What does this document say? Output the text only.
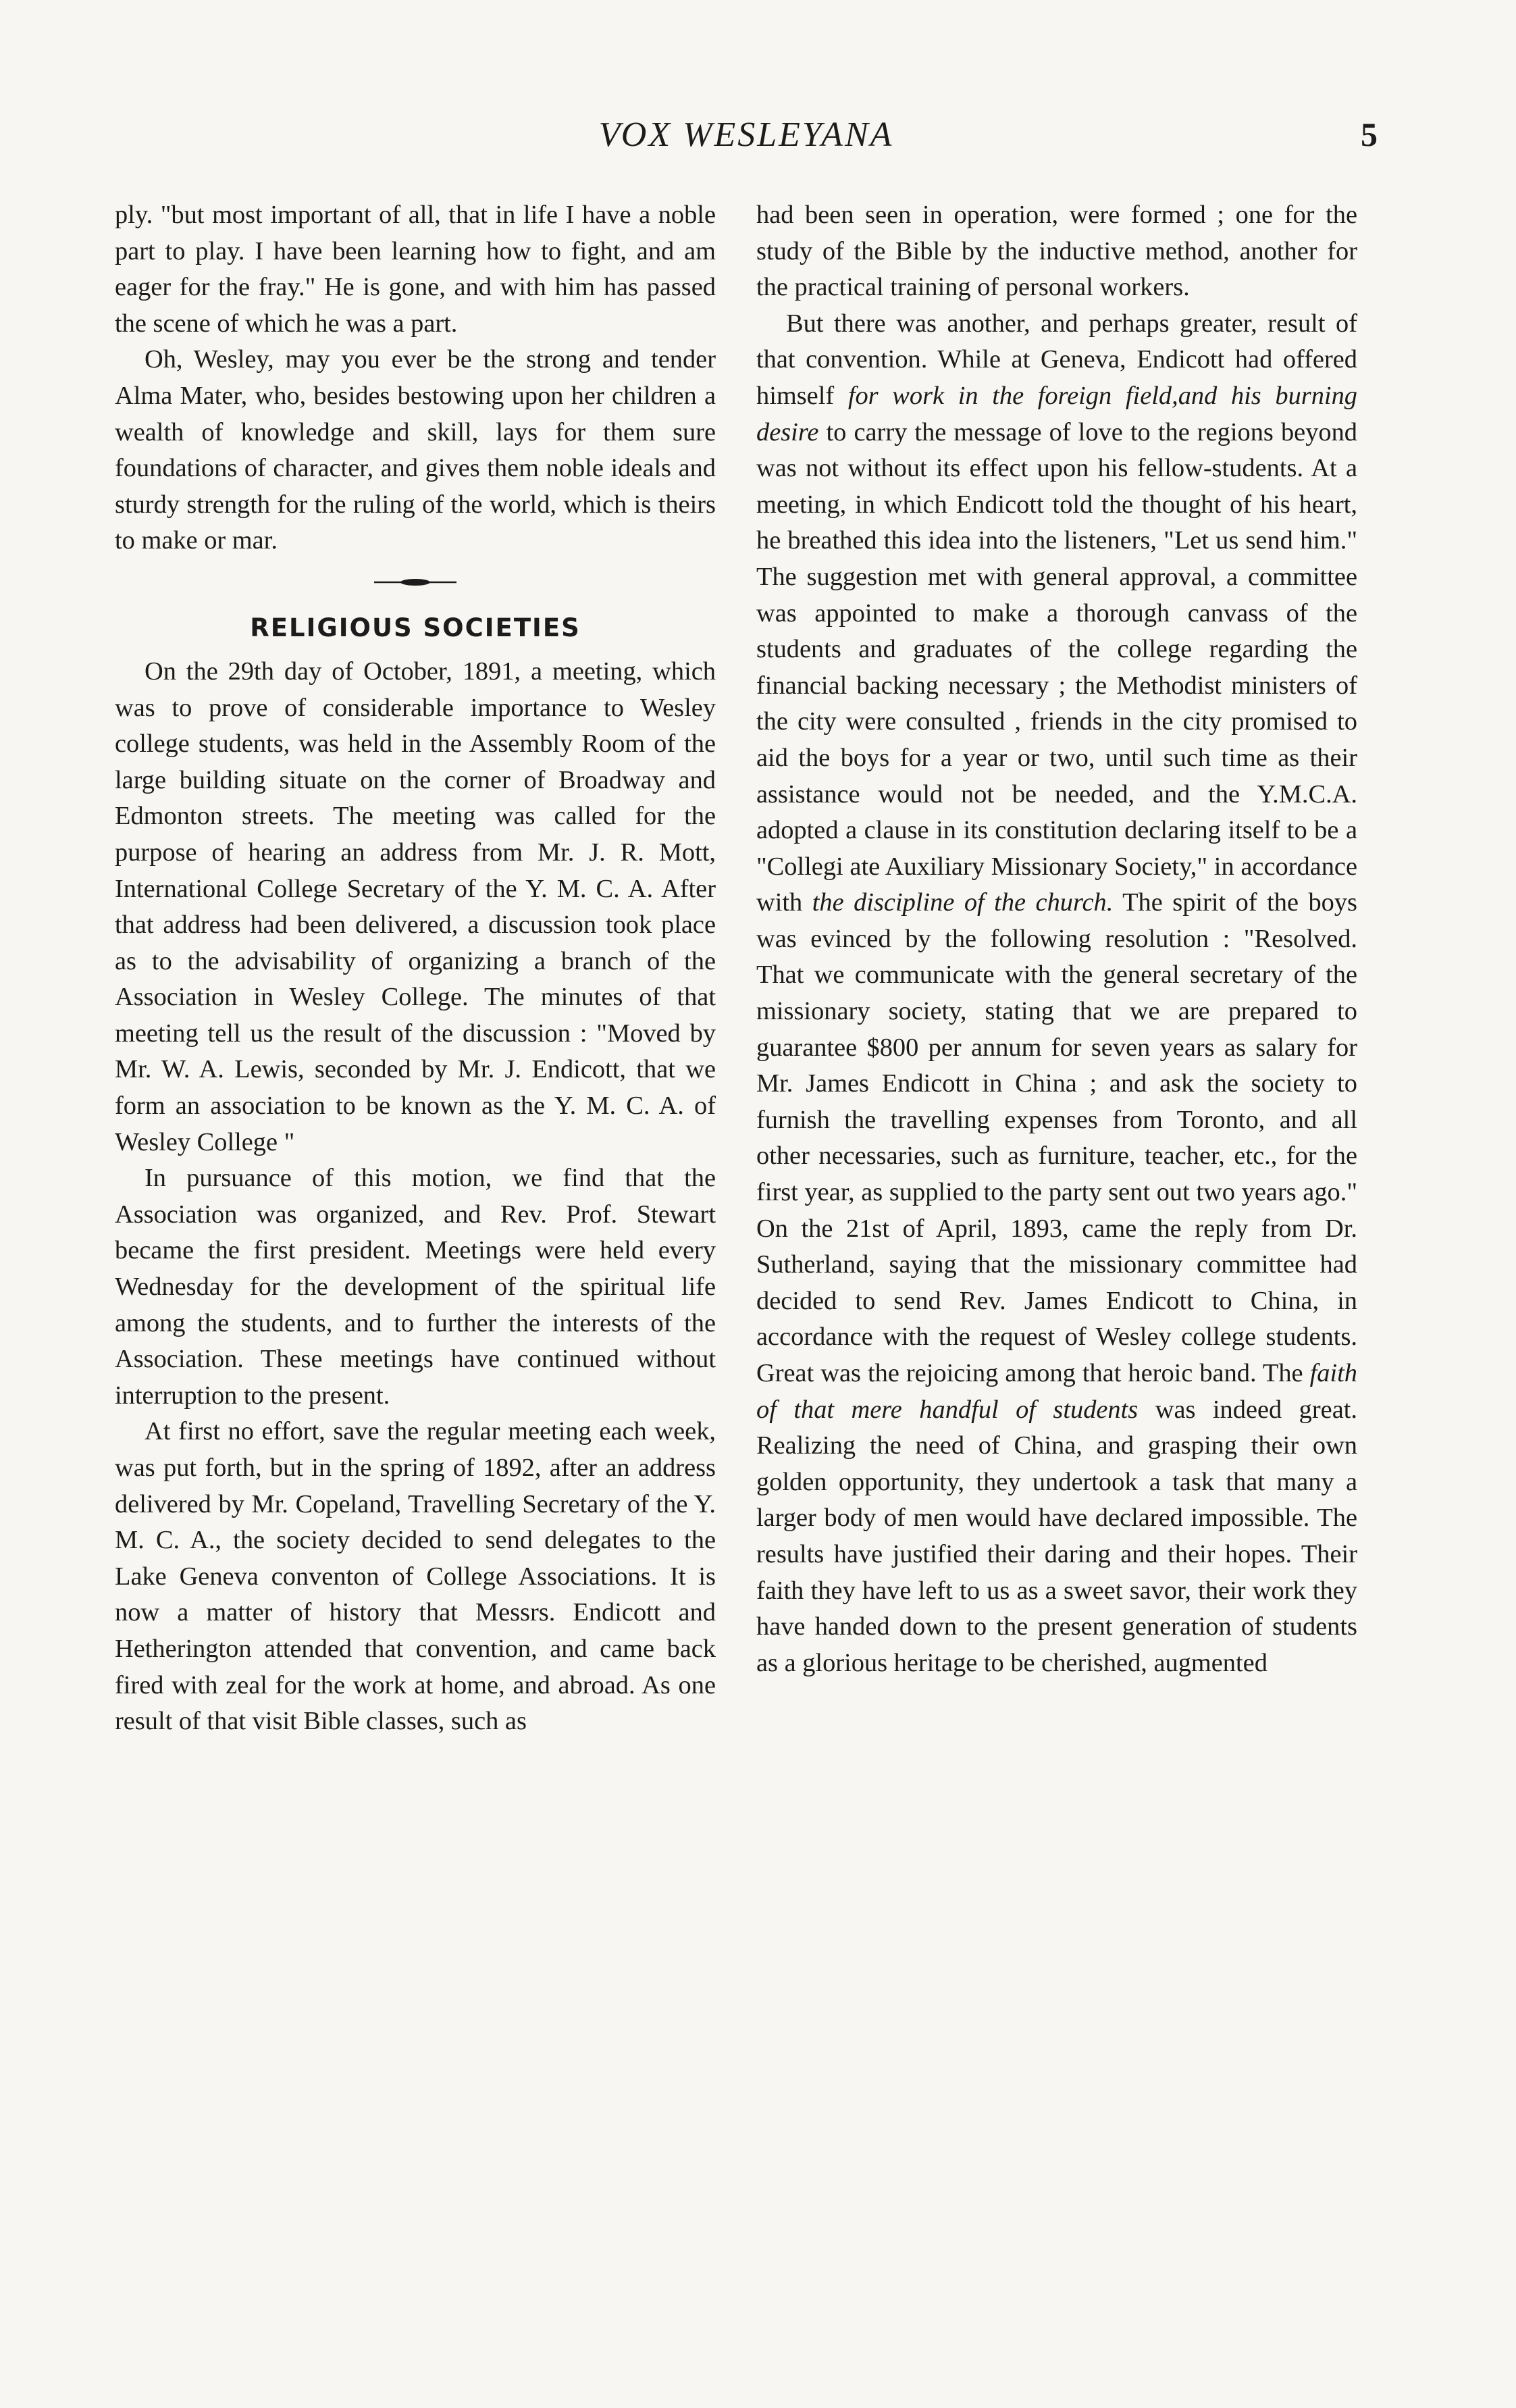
VOX WESLEYANA	5

ply. "but most important of all, that in life I have a noble part to play. I have been learning how to fight, and am eager for the fray." He is gone, and with him has passed the scene of which he was a part.

Oh, Wesley, may you ever be the strong and tender Alma Mater, who, besides bestowing upon her children a wealth of knowledge and skill, lays for them sure foundations of character, and gives them noble ideals and sturdy strength for the ruling of the world, which is theirs to make or mar.

RELIGIOUS SOCIETIES

On the 29th day of October, 1891, a meeting, which was to prove of considerable importance to Wesley college students, was held in the Assembly Room of the large building situate on the corner of Broadway and Edmonton streets. The meeting was called for the purpose of hearing an address from Mr. J. R. Mott, International College Secretary of the Y. M. C. A. After that address had been delivered, a discussion took place as to the advisability of organizing a branch of the Association in Wesley College. The minutes of that meeting tell us the result of the discussion : "Moved by Mr. W. A. Lewis, seconded by Mr. J. Endicott, that we form an association to be known as the Y. M. C. A. of Wesley College "

In pursuance of this motion, we find that the Association was organized, and Rev. Prof. Stewart became the first president. Meetings were held every Wednesday for the development of the spiritual life among the students, and to further the interests of the Association. These meetings have continued without interruption to the present.

At first no effort, save the regular meeting each week, was put forth, but in the spring of 1892, after an address delivered by Mr. Copeland, Travelling Secretary of the Y. M. C. A., the society decided to send delegates to the Lake Geneva conventon of College Associations. It is now a matter of history that Messrs. Endicott and Hetherington attended that convention, and came back fired with zeal for the work at home, and abroad. As one result of that visit Bible classes, such as

had been seen in operation, were formed ; one for the study of the Bible by the inductive method, another for the practical training of personal workers.

But there was another, and perhaps greater, result of that convention. While at Geneva, Endicott had offered himself for work in the foreign field,and his burning desire to carry the message of love to the regions beyond was not without its effect upon his fellow-students. At a meeting, in which Endicott told the thought of his heart, he breathed this idea into the listeners, "Let us send him." The suggestion met with general approval, a committee was appointed to make a thorough canvass of the students and graduates of the college regarding the financial backing necessary ; the Methodist ministers of the city were consulted , friends in the city promised to aid the boys for a year or two, until such time as their assistance would not be needed, and the Y.M.C.A. adopted a clause in its constitution declaring itself to be a "Collegi ate Auxiliary Missionary Society," in accordance with the discipline of the church. The spirit of the boys was evinced by the following resolution : "Resolved. That we communicate with the general secretary of the missionary society, stating that we are prepared to guarantee $800 per annum for seven years as salary for Mr. James Endicott in China ; and ask the society to furnish the travelling expenses from Toronto, and all other necessaries, such as furniture, teacher, etc., for the first year, as supplied to the party sent out two years ago." On the 21st of April, 1893, came the reply from Dr. Sutherland, saying that the missionary committee had decided to send Rev. James Endicott to China, in accordance with the request of Wesley college students. Great was the rejoicing among that heroic band. The faith of that mere handful of students was indeed great. Realizing the need of China, and grasping their own golden opportunity, they undertook a task that many a larger body of men would have declared impossible. The results have justified their daring and their hopes. Their faith they have left to us as a sweet savor, their work they have handed down to the present generation of students as a glorious heritage to be cherished, augmented
